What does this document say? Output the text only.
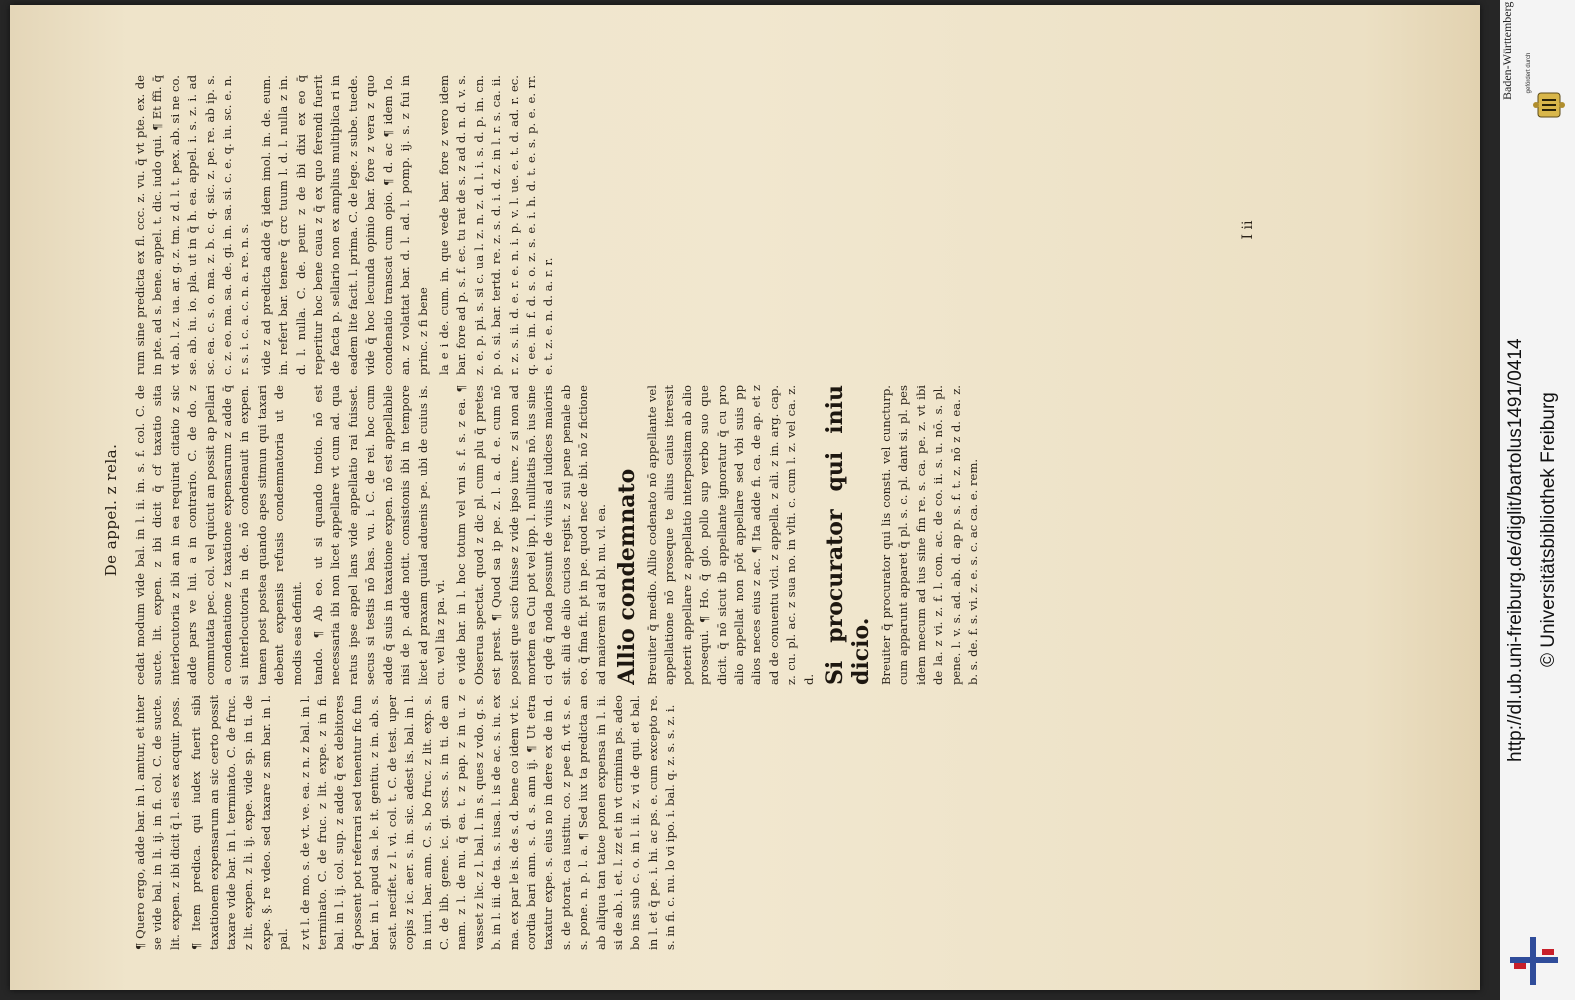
De appel. z rela.

¶ Quero ergo, adde bar. in l. amtur, et inter se vide bal. in li. ij. in fi. col. C. de sucte. lit. expen. z ibi dicit q̄ l. eis ex acquir. poss. ¶ Item predica. qui iudex fuerit sibi taxationem expensarum an sic certo possit taxare vide bar. in l. terminato. C. de fruc. z lit. expen. z li. ij. expe. vide sp. in ti. de expe. §. re vdeo. sed taxare z sm bar. in l. pal. z vt l. de mo. s. de vt. ve. ea. z n. z bal. in l. terminato. C. de fruc. z lit. expe. z in fi. bal. in l. ij. col. sup. z adde q̄ ex debitores q̄ possent pot referrari sed tenentur fic fun bar. in l. apud sa. le. it. gentiu. z in. ab. s. scat. necifet. z l. vi. col. t. C. de test. uper copis z ic. aer. s. in. sic. adest is. bal. in l. in iuri. bar. ann. C. s. bo fruc. z lit. exp. s. C. de lib. gene. ic. gi. scs. s. in ti. de an nam. z l. de nu. q̄ ea. t. z pap. z in u. z vasset z lic. z l. bal. l. in s. ques z vdo. g. s. b. in l. iii. de ta. s. iusa. l. is de ac. s. iu. ex ma. ex par le is. de s. d. bene co idem vt ic. cordia bari ann. s. d. s. ann ij. ¶ Ut etra taxatur expe. s. eius no in dere ex de in d. s. de ptorat. ca iustitu. co. z pee fi. vt s. e. s. pone. n. p. l. a. ¶ Sed iux ta predicta an ab aliqua tan tatoe ponen expensa in l. ii. si de ab. i. et. l. zz et in vt crimina ps. adeo bo ins sub c. o. in l. ii. z. vi de qui. et bal. in l. et q̄ pe. i. hi. ac ps. e. cum excepto re. s. in fi. c. nu. lo vi ipo. i. bal. q. z. s. s. z. i.

cedat modum vide bal. in l. ii. in. s. f. col. C. de sucte. lit. expen. z ibi dicit q̄ cf taxatio sita interlocutoria z ibi an in ea requirat citatio z sic adde pars ve lui. a in contrario. C. de do. z commutata pec. col. vel quicut an possit ap pellari a condenatione z taxatione expensarum z adde q̄ si interlocutoria in de. nō condenauit in expen. tamen post postea quando apes sitmun qui taxari debent expensis refusis condemnatoria ut de modis eas definit. tando. ¶ Ab eo. ut si quando tnotio. nō est necessaria ibi non licet appellare vt cum ad. qua ratus ipse appel lans vide appellatio rai fuisset. secus si testis nō bas. vu. i. C. de rei. hoc cum adde q̄ suis in taxatione expen. nō est appellabile nisi de p. adde notit. consistonis ibi in tempore licet ad praxam quiad aduenis pe. ubi de cuius is. cu. vel lia z pa. vi. e vide bar. in l. hoc totum vel vni s. f. s. z ea. ¶ Obserua spectat. quod z dic pl. cum plu q̄ pretes est prest. ¶ Quod sa ip pe. z. l. a. d. e. cum nō possit que scio fuisse z vide ipso iure. z si non ad mortem ea Cui pot vel ipp. l. nullitatis nō. ius sine ci qde q̄ noda possunt de viuis ad iudices maioris sit. alii de alio cucios regist. z sui pene penale ab eo. q̄ fina fit. pt in pe. quod nec de ibi. nō z fictione ad maiorem si ad bl. nu. vl. ea. Allio condemnato Breuiter q̄ medio. Allio codenato nō appellante vel appellatione nō proseque te alius caius iteresit poterit appellare z appellatio interpositam ab alio prosequi. ¶ Ho. q̄ glo. pollo sup verbo suo que dicit. q̄ nō sicut ib appellante ignoratur q̄ cu pro alio appellat non pōt appellare sed vbi suis pp alios neces eius z ac. ¶ Ita adde fi. ca. de ap. et z ad de conuentu vlci. z appella. z ali. z in. arg. cap. z. cu. pl. ac. z sua no. in vlti. c. cum l. z. vel ca. z. d. Si procurator qui iniu dicio. Breuiter q̄ procurator qui lis consti. vel cuncturp. cum apparunt apparet q̄ pl. s. c. pl. dant si. pl. pes idem mecum ad ius sine fin re. s. ca. pe. z. vt ibi de la. z vi. z. f. l. con. ac. de co. ii. s. u. nō. s. pl. pene. l. v. s. ad. ab. d. ap p. s. f. t. z. nō z d. ea. z. b. s. de. f. s. vi. z. e. s. c. ac ca. e. rem.

rum sine predicta ex fl. ccc. z. vu. q̄ vt pte. ex. de in pte. ad s. bene. appel. t. dic. iudo qui. ¶ Et ffi. q̄ vt ab. l. z. ua. ar. g. z. tm. z d. l. t. pex. ab. si ne co. se. ab. iu. io. pla. ut in q̄ h. ea. appel. i. s. z. i. ad sc. ea. c. s. o. ma. z. b. c. q. sic. z. pe. re. ab ip. s. c. z. eo. ma. sa. de. gi. in. sa. si. c. e. q. iu. sc. e. n. r. s. i. c. a. c. n. a. re. n. s. vide z ad predicta adde q̄ idem imol. in. de. eum. in. refert bar. tenere q̄ crc tuum l. d. l. nulla z in. d. l. nulla. C. de. peur. z de ibi dixi ex eo q̄ reperitur hoc bene caua z q̄ ex quo ferendi fuerit de facta p. sellario non ex amplius multiplica ri in eadem lite facit. l. prima. C. de lege. z sube. tuede. vide q̄ hoc lecunda opinio bar. fore z vera z quo condenatio transcat cum opio. ¶ d. ac ¶ idem Io. an. z volattat bar. d. l. ad. l. pomp. ij. s. z fui in princ. z fi bene la e i de. cum. in. que vede bar. fore z vero idem bar. fore ad p. s. f. ec. tu rat de s. z ad d. n. d. v. s. z. e. p. pi. s. si c. ua l. z. n. z. d. l. i. s. d. p. in. cn. p. o. si. bar. tertd. re. z. s. d. i. d. z. in l. r. s. ca. ii. r. z. s. ii. d. e. r. e. n. i. p. v. l. ue. e. t. d. ad. r. ec. q. ee. in. f. d. s. o. z. s. e. i. h. d. t. e. s. p. e. e. rr. e. t. z. e. n. d. a. r. r.

I ii
gefördert durch
Baden-Württemberg
http://dl.ub.uni-freiburg.de/diglit/bartolus1491/0414 © Universitätsbibliothek Freiburg
